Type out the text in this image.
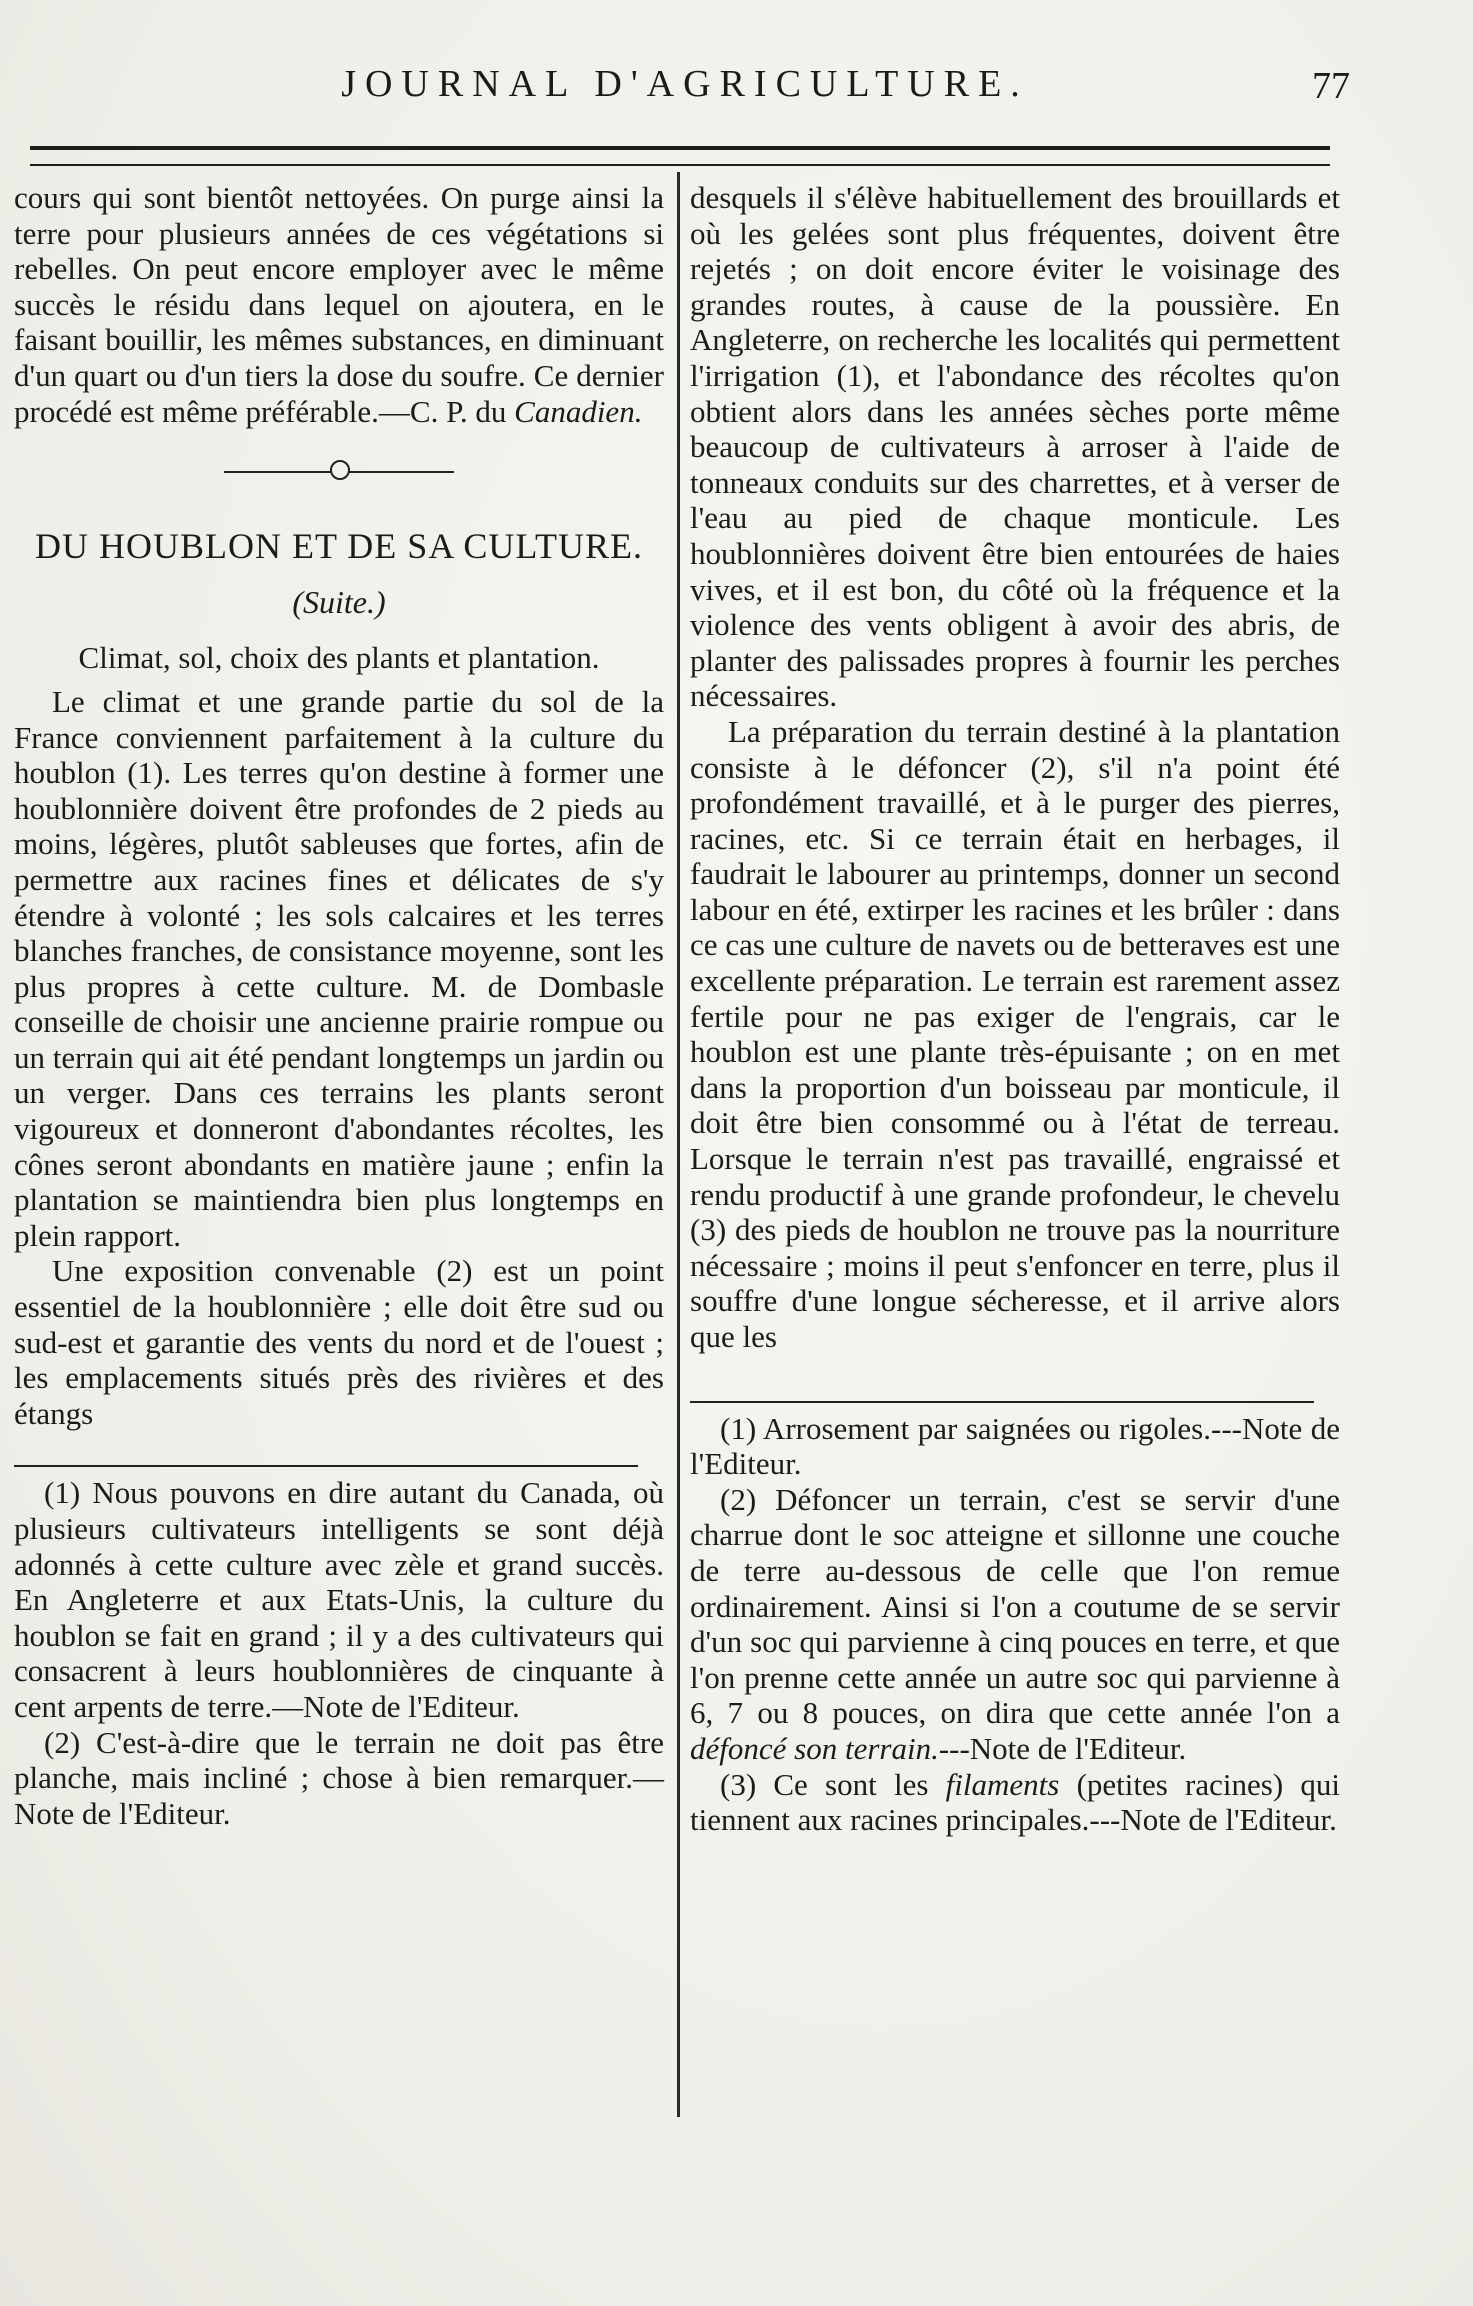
JOURNAL D'AGRICULTURE.	77

cours qui sont bientôt nettoyées. On purge ainsi la terre pour plusieurs années de ces végétations si rebelles. On peut encore employer avec le même succès le résidu dans lequel on ajoutera, en le faisant bouillir, les mêmes substances, en diminuant d'un quart ou d'un tiers la dose du soufre. Ce dernier procédé est même préférable.—C. P. du Canadien.

DU HOUBLON ET DE SA CULTURE.
(Suite.)
Climat, sol, choix des plants et plantation.

Le climat et une grande partie du sol de la France conviennent parfaitement à la culture du houblon (1). Les terres qu'on destine à former une houblonnière doivent être profondes de 2 pieds au moins, légères, plutôt sableuses que fortes, afin de permettre aux racines fines et délicates de s'y étendre à volonté ; les sols calcaires et les terres blanches franches, de consistance moyenne, sont les plus propres à cette culture. M. de Dombasle conseille de choisir une ancienne prairie rompue ou un terrain qui ait été pendant longtemps un jardin ou un verger. Dans ces terrains les plants seront vigoureux et donneront d'abondantes récoltes, les cônes seront abondants en matière jaune ; enfin la plantation se maintiendra bien plus longtemps en plein rapport.

Une exposition convenable (2) est un point essentiel de la houblonnière ; elle doit être sud ou sud-est et garantie des vents du nord et de l'ouest ; les emplacements situés près des rivières et des étangs

(1) Nous pouvons en dire autant du Canada, où plusieurs cultivateurs intelligents se sont déjà adonnés à cette culture avec zèle et grand succès. En Angleterre et aux Etats-Unis, la culture du houblon se fait en grand ; il y a des cultivateurs qui consacrent à leurs houblonnières de cinquante à cent arpents de terre.—Note de l'Editeur.

(2) C'est-à-dire que le terrain ne doit pas être planche, mais incliné ; chose à bien remarquer.—Note de l'Editeur.

desquels il s'élève habituellement des brouillards et où les gelées sont plus fréquentes, doivent être rejetés ; on doit encore éviter le voisinage des grandes routes, à cause de la poussière. En Angleterre, on recherche les localités qui permettent l'irrigation (1), et l'abondance des récoltes qu'on obtient alors dans les années sèches porte même beaucoup de cultivateurs à arroser à l'aide de tonneaux conduits sur des charrettes, et à verser de l'eau au pied de chaque monticule. Les houblonnières doivent être bien entourées de haies vives, et il est bon, du côté où la fréquence et la violence des vents obligent à avoir des abris, de planter des palissades propres à fournir les perches nécessaires.

La préparation du terrain destiné à la plantation consiste à le défoncer (2), s'il n'a point été profondément travaillé, et à le purger des pierres, racines, etc. Si ce terrain était en herbages, il faudrait le labourer au printemps, donner un second labour en été, extirper les racines et les brûler : dans ce cas une culture de navets ou de betteraves est une excellente préparation. Le terrain est rarement assez fertile pour ne pas exiger de l'engrais, car le houblon est une plante très-épuisante ; on en met dans la proportion d'un boisseau par monticule, il doit être bien consommé ou à l'état de terreau. Lorsque le terrain n'est pas travaillé, engraissé et rendu productif à une grande profondeur, le chevelu (3) des pieds de houblon ne trouve pas la nourriture nécessaire ; moins il peut s'enfoncer en terre, plus il souffre d'une longue sécheresse, et il arrive alors que les

(1) Arrosement par saignées ou rigoles.---Note de l'Editeur.

(2) Défoncer un terrain, c'est se servir d'une charrue dont le soc atteigne et sillonne une couche de terre au-dessous de celle que l'on remue ordinairement. Ainsi si l'on a coutume de se servir d'un soc qui parvienne à cinq pouces en terre, et que l'on prenne cette année un autre soc qui parvienne à 6, 7 ou 8 pouces, on dira que cette année l'on a défoncé son terrain.---Note de l'Editeur.

(3) Ce sont les filaments (petites racines) qui tiennent aux racines principales.---Note de l'Editeur.
